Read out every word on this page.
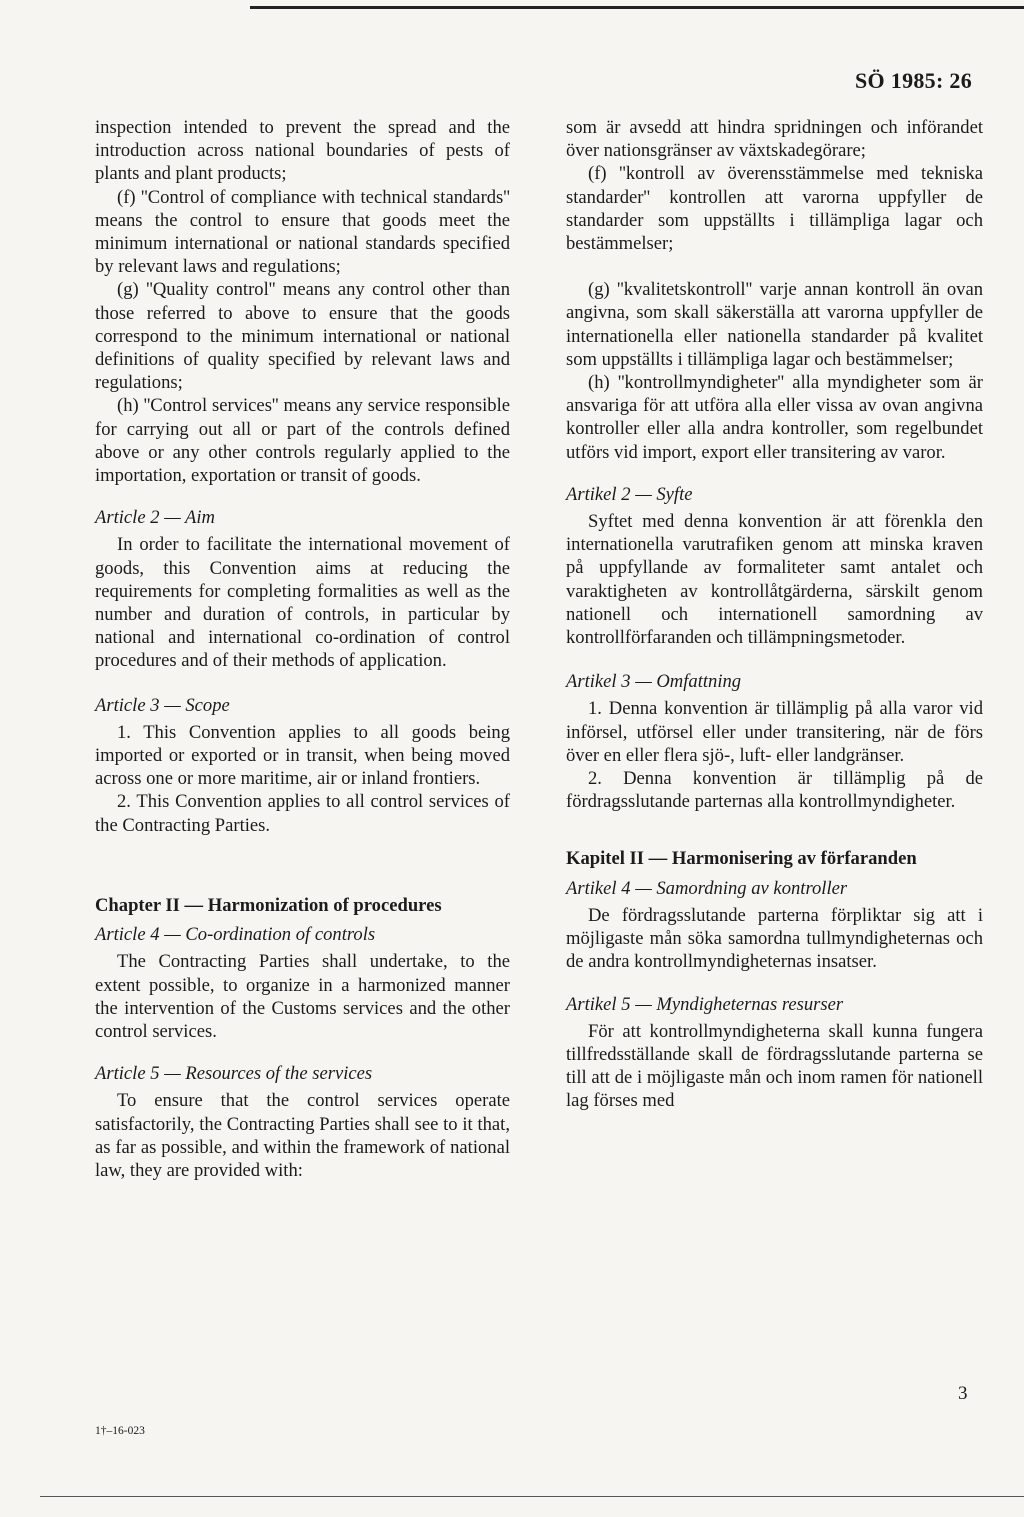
SÖ 1985: 26

inspection intended to prevent the spread and the introduction across national boundaries of pests of plants and plant products;

(f) ''Control of compliance with technical standards'' means the control to ensure that goods meet the minimum international or national standards specified by relevant laws and regulations;

(g) ''Quality control'' means any control other than those referred to above to ensure that the goods correspond to the minimum international or national definitions of quality specified by relevant laws and regulations;

(h) ''Control services'' means any service responsible for carrying out all or part of the controls defined above or any other controls regularly applied to the importation, exportation or transit of goods.

Article 2 — Aim

In order to facilitate the international movement of goods, this Convention aims at reducing the requirements for completing formalities as well as the number and duration of controls, in particular by national and international co-ordination of control procedures and of their methods of application.

Article 3 — Scope

1. This Convention applies to all goods being imported or exported or in transit, when being moved across one or more maritime, air or inland frontiers.

2. This Convention applies to all control services of the Contracting Parties.

Chapter II — Harmonization of procedures

Article 4 — Co-ordination of controls

The Contracting Parties shall undertake, to the extent possible, to organize in a harmonized manner the intervention of the Customs services and the other control services.

Article 5 — Resources of the services

To ensure that the control services operate satisfactorily, the Contracting Parties shall see to it that, as far as possible, and within the framework of national law, they are provided with:

som är avsedd att hindra spridningen och införandet över nationsgränser av växtskadegörare;

(f) ''kontroll av överensstämmelse med tekniska standarder'' kontrollen att varorna uppfyller de standarder som uppställts i tillämpliga lagar och bestämmelser;

(g) ''kvalitetskontroll'' varje annan kontroll än ovan angivna, som skall säkerställa att varorna uppfyller de internationella eller nationella standarder på kvalitet som uppställts i tillämpliga lagar och bestämmelser;

(h) ''kontrollmyndigheter'' alla myndigheter som är ansvariga för att utföra alla eller vissa av ovan angivna kontroller eller alla andra kontroller, som regelbundet utförs vid import, export eller transitering av varor.

Artikel 2 — Syfte

Syftet med denna konvention är att förenkla den internationella varutrafiken genom att minska kraven på uppfyllande av formaliteter samt antalet och varaktigheten av kontrollåtgärderna, särskilt genom nationell och internationell samordning av kontrollförfaranden och tillämpningsmetoder.

Artikel 3 — Omfattning

1. Denna konvention är tillämplig på alla varor vid införsel, utförsel eller under transitering, när de förs över en eller flera sjö-, luft- eller landgränser.

2. Denna konvention är tillämplig på de fördragsslutande parternas alla kontrollmyndigheter.

Kapitel II — Harmonisering av förfaranden

Artikel 4 — Samordning av kontroller

De fördragsslutande parterna förpliktar sig att i möjligaste mån söka samordna tullmyndigheternas och de andra kontrollmyndigheternas insatser.

Artikel 5 — Myndigheternas resurser

För att kontrollmyndigheterna skall kunna fungera tillfredsställande skall de fördragsslutande parterna se till att de i möjligaste mån och inom ramen för nationell lag förses med

3
1†–16-023
